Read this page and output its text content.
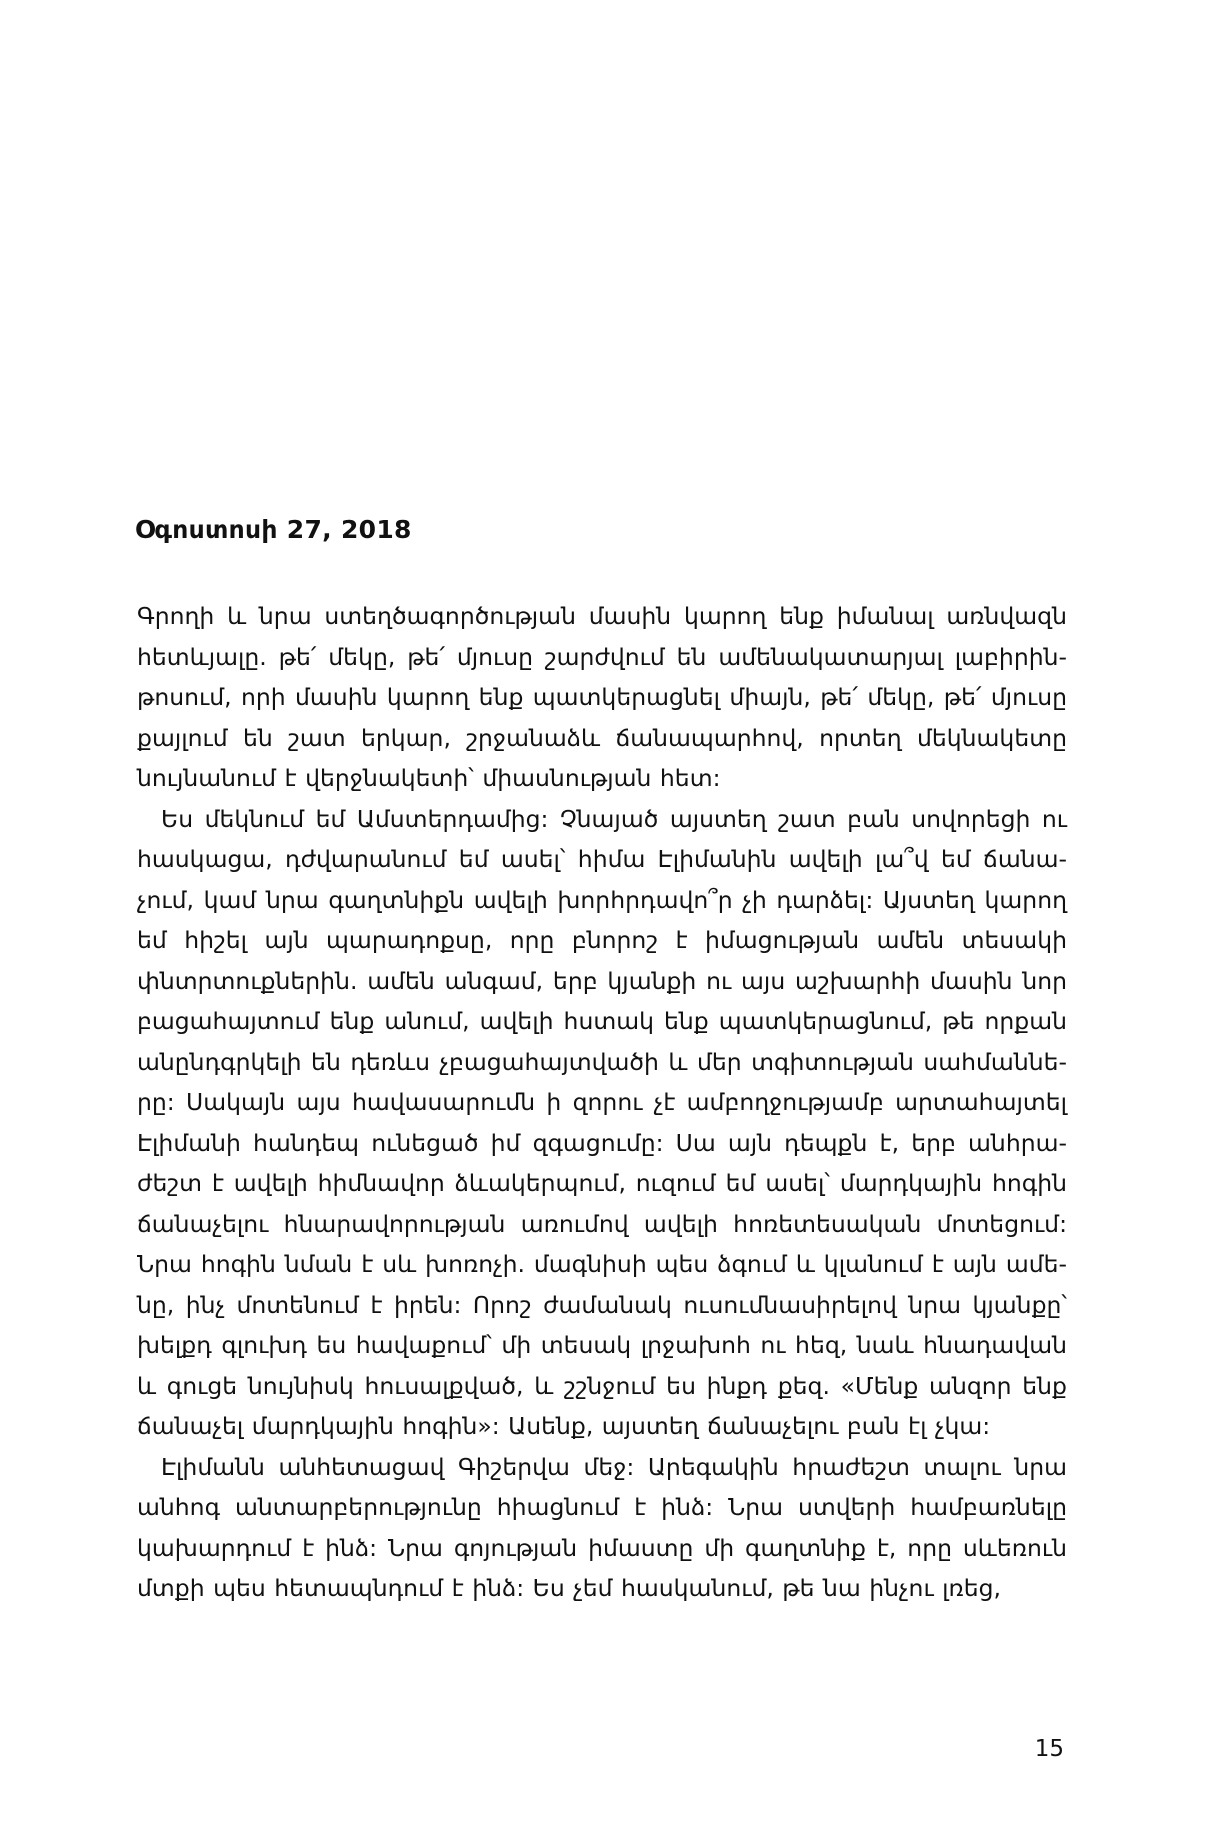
Օգոստոսի 27, 2018

Գրողի և նրա ստեղծագործության մասին կարող ենք իմանալ առնվազն հետևյալը. թե՛ մեկը, թե՛ մյուսը շարժվում են ամենակատարյալ լաբիրինթոսում, որի մասին կարող ենք պատկերացնել միայն, թե՛ մեկը, թե՛ մյուսը քայլում են շատ երկար, շրջանաձև ճանապարհով, որտեղ մեկնակետը նույնանում է վերջնակետի՝ միասնության հետ:

Ես մեկնում եմ Ամստերդամից: Չնայած այստեղ շատ բան սովորեցի ու հասկացա, դժվարանում եմ ասել՝ հիմա Էլիմանին ավելի լա՞վ եմ ճանաչում, կամ նրա գաղտնիքն ավելի խորհրդավո՞ր չի դարձել: Այստեղ կարող եմ հիշել այն պարադոքսը, որը բնորոշ է իմացության ամեն տեսակի փնտրտուքներին. ամեն անգամ, երբ կյանքի ու այս աշխարհի մասին նոր բացահայտում ենք անում, ավելի հստակ ենք պատկերացնում, թե որքան անընդգրկելի են դեռևս չբացահայտվածի և մեր տգիտության սահմանները: Սակայն այս հավասարումն ի զորու չէ ամբողջությամբ արտահայտել Էլիմանի հանդեպ ունեցած իմ զգացումը: Սա այն դեպքն է, երբ անհրաժեշտ է ավելի հիմնավոր ձևակերպում, ուզում եմ ասել՝ մարդկային հոգին ճանաչելու հնարավորության առումով ավելի հոռետեսական մոտեցում: Նրա հոգին նման է սև խոռոչի. մագնիսի պես ձգում և կլանում է այն ամենը, ինչ մոտենում է իրեն: Որոշ ժամանակ ուսումնասիրելով նրա կյանքը՝ խելքդ գլուխդ ես հավաքում՝ մի տեսակ լրջախոհ ու հեզ, նաև հնադավան և գուցե նույնիսկ հուսալքված, և շշնջում ես ինքդ քեզ. «Մենք անզոր ենք ճանաչել մարդկային հոգին»: Ասենք, այստեղ ճանաչելու բան էլ չկա:

Էլիմանն անհետացավ Գիշերվա մեջ: Արեգակին հրաժեշտ տալու նրա անհոգ անտարբերությունը հիացնում է ինձ: Նրա ստվերի համբառնելը կախարդում է ինձ: Նրա գոյության իմաստը մի գաղտնիք է, որը սևեռուն մտքի պես հետապնդում է ինձ: Ես չեմ հասկանում, թե նա ինչու լռեց,

15
